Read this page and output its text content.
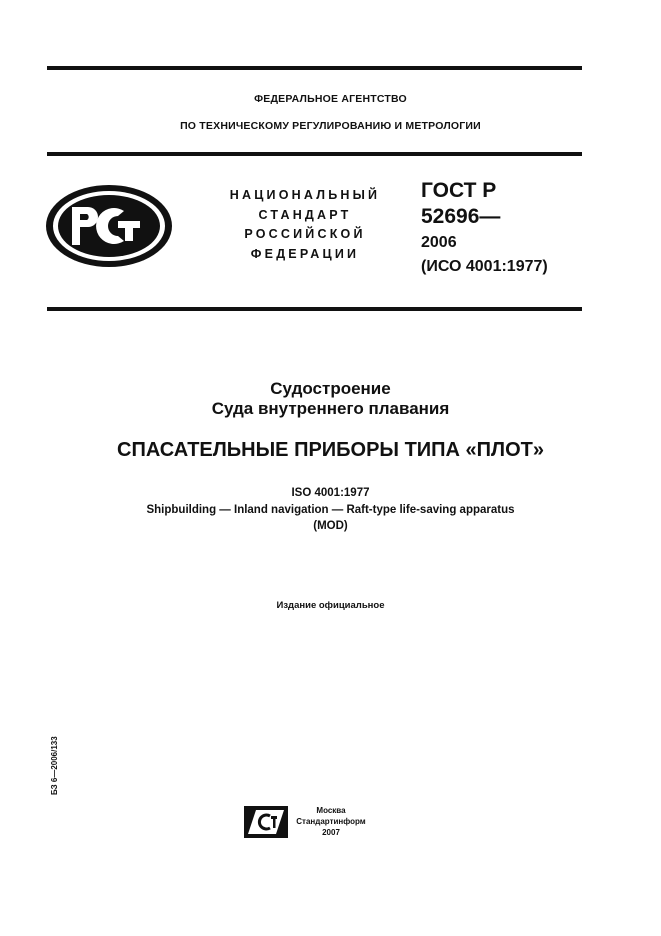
ФЕДЕРАЛЬНОЕ АГЕНТСТВО
ПО ТЕХНИЧЕСКОМУ РЕГУЛИРОВАНИЮ И МЕТРОЛОГИИ
НАЦИОНАЛЬНЫЙ
СТАНДАРТ
РОССИЙСКОЙ
ФЕДЕРАЦИИ
ГОСТ Р
52696—
2006
(ИСО 4001:1977)
Судостроение
Суда внутреннего плавания
СПАСАТЕЛЬНЫЕ ПРИБОРЫ ТИПА «ПЛОТ»
ISO 4001:1977
Shipbuilding — Inland navigation — Raft-type life-saving apparatus
(MOD)
Издание официальное
БЗ 6—2006/133
Москва
Стандартинформ
2007
